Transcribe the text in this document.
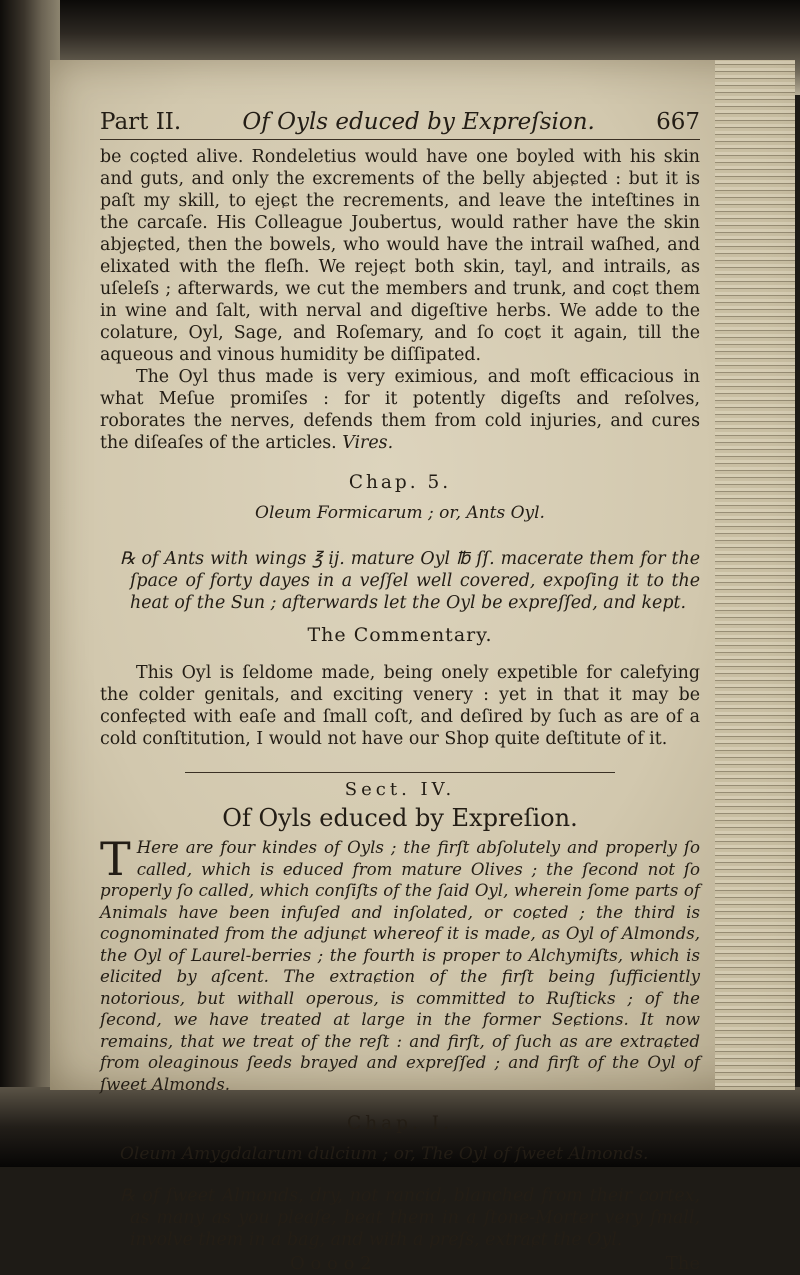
Part II.	Of Oyls educed by Expreſsion.	667

be coɕted alive. Rondeletius would have one boyled with his skin and guts, and only the excrements of the belly abjeɕted : but it is paſt my skill, to ejeɕt the recrements, and leave the inteſtines in the carcaſe. His Colleague Joubertus, would rather have the skin abjeɕted, then the bowels, who would have the intrail waſhed, and elixated with the fleſh. We rejeɕt both skin, tayl, and intrails, as uſeleſs ; afterwards, we cut the members and trunk, and coɕt them in wine and ſalt, with nerval and digeſtive herbs. We adde to the colature, Oyl, Sage, and Roſemary, and ſo coɕt it again, till the aqueous and vinous humidity be diſſipated.

The Oyl thus made is very eximious, and moſt efficacious in what Meſue promiſes : for it potently digeſts and reſolves, roborates the nerves, defends them from cold injuries, and cures the diſeaſes of the articles. Vires.

Chap. 5.
Oleum Formicarum ; or, Ants Oyl.

℞ of Ants with wings ℥ ij. mature Oyl ℔ ſſ. macerate them for the ſpace of forty dayes in a veſſel well covered, expoſing it to the heat of the Sun ; afterwards let the Oyl be expreſſed, and kept.

The Commentary.

This Oyl is ſeldome made, being onely expetible for calefying the colder genitals, and exciting venery : yet in that it may be confeɕted with eaſe and ſmall coſt, and deſired by ſuch as are of a cold conſtitution, I would not have our Shop quite deſtitute of it.

Sect. IV.
Of Oyls educed by Expreſion.

T Here are four kindes of Oyls ; the firſt abſolutely and properly ſo called, which is educed from mature Olives ; the ſecond not ſo properly ſo called, which conſiſts of the ſaid Oyl, wherein ſome parts of Animals have been infuſed and inſolated, or coɕted ; the third is cognominated from the adjunɕt whereof it is made, as Oyl of Almonds, the Oyl of Laurel-berries ; the fourth is proper to Alchymiſts, which is elicited by aſcent. The extraɕtion of the firſt being ſufficiently notorious, but withall operous, is committed to Ruſticks ; of the ſecond, we have treated at large in the former Seɕtions. It now remains, that we treat of the reſt : and firſt, of ſuch as are extraɕted from oleaginous ſeeds brayed and expreſſed ; and firſt of the Oyl of ſweet Almonds.

Chap. I.
Oleum Amygdalarum dulcium ; or, The Oyl of ſweet Almonds.

℞ of ſweet Almonds, dry, not rancid, blanched from their cortex, as many as you pleaſe, beat them in a ſtone-Morter very ſmall, involve them in a bag, and with a preſs, extraɕt the Oyl.

O o o o 2	The
